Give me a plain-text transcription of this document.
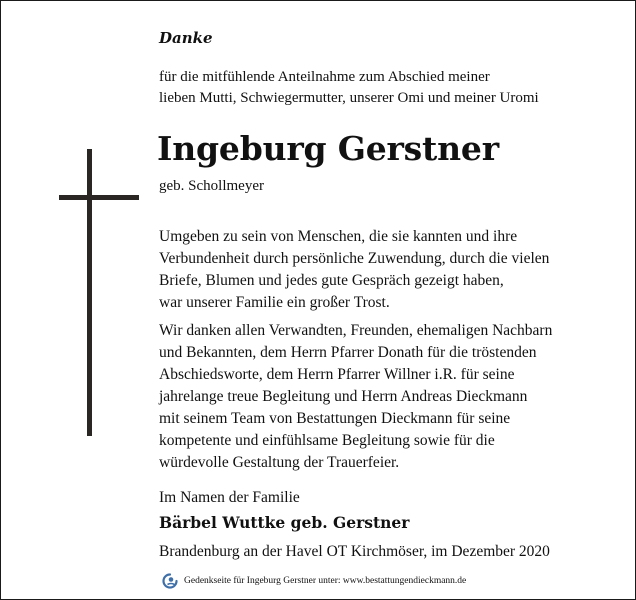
Danke

für die mitfühlende Anteilnahme zum Abschied meiner
lieben Mutti, Schwiegermutter, unserer Omi und meiner Uromi
Ingeburg Gerstner

geb. Schollmeyer

Umgeben zu sein von Menschen, die sie kannten und ihre
Verbundenheit durch persönliche Zuwendung, durch die vielen
Briefe, Blumen und jedes gute Gespräch gezeigt haben,
war unserer Familie ein großer Trost.
Wir danken allen Verwandten, Freunden, ehemaligen Nachbarn
und Bekannten, dem Herrn Pfarrer Donath für die tröstenden
Abschiedsworte, dem Herrn Pfarrer Willner i.R. für seine
jahrelange treue Begleitung und Herrn Andreas Dieckmann
mit seinem Team von Bestattungen Dieckmann für seine
kompetente und einfühlsame Begleitung sowie für die
würdevolle Gestaltung der Trauerfeier.

Im Namen der Familie

Bärbel Wuttke geb. Gerstner

Brandenburg an der Havel OT Kirchmöser, im Dezember 2020

Gedenkseite für Ingeburg Gerstner unter: www.bestattungendieckmann.de
